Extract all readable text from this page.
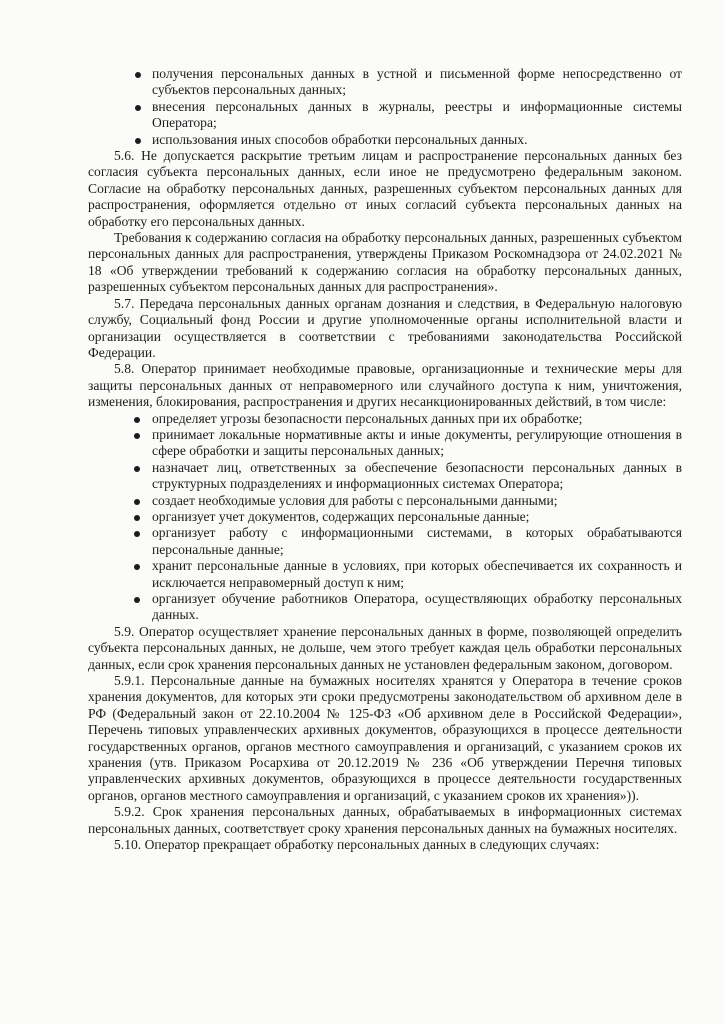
получения персональных данных в устной и письменной форме непосредственно от субъектов персональных данных;
внесения персональных данных в журналы, реестры и информационные системы Оператора;
использования иных способов обработки персональных данных.

5.6. Не допускается раскрытие третьим лицам и распространение персональных данных без согласия субъекта персональных данных, если иное не предусмотрено федеральным законом. Согласие на обработку персональных данных, разрешенных субъектом персональных данных для распространения, оформляется отдельно от иных согласий субъекта персональных данных на обработку его персональных данных.

Требования к содержанию согласия на обработку персональных данных, разрешенных субъектом персональных данных для распространения, утверждены Приказом Роскомнадзора от 24.02.2021 № 18 «Об утверждении требований к содержанию согласия на обработку персональных данных, разрешенных субъектом персональных данных для распространения».

5.7. Передача персональных данных органам дознания и следствия, в Федеральную налоговую службу, Социальный фонд России и другие уполномоченные органы исполнительной власти и организации осуществляется в соответствии с требованиями законодательства Российской Федерации.

5.8. Оператор принимает необходимые правовые, организационные и технические меры для защиты персональных данных от неправомерного или случайного доступа к ним, уничтожения, изменения, блокирования, распространения и других несанкционированных действий, в том числе:

определяет угрозы безопасности персональных данных при их обработке;
принимает локальные нормативные акты и иные документы, регулирующие отношения в сфере обработки и защиты персональных данных;
назначает лиц, ответственных за обеспечение безопасности персональных данных в структурных подразделениях и информационных системах Оператора;
создает необходимые условия для работы с персональными данными;
организует учет документов, содержащих персональные данные;
организует работу с информационными системами, в которых обрабатываются персональные данные;
хранит персональные данные в условиях, при которых обеспечивается их сохранность и исключается неправомерный доступ к ним;
организует обучение работников Оператора, осуществляющих обработку персональных данных.

5.9. Оператор осуществляет хранение персональных данных в форме, позволяющей определить субъекта персональных данных, не дольше, чем этого требует каждая цель обработки персональных данных, если срок хранения персональных данных не установлен федеральным законом, договором.

5.9.1. Персональные данные на бумажных носителях хранятся у Оператора в течение сроков хранения документов, для которых эти сроки предусмотрены законодательством об архивном деле в РФ (Федеральный закон от 22.10.2004 № 125-ФЗ «Об архивном деле в Российской Федерации», Перечень типовых управленческих архивных документов, образующихся в процессе деятельности государственных органов, органов местного самоуправления и организаций, с указанием сроков их хранения (утв. Приказом Росархива от 20.12.2019 № 236 «Об утверждении Перечня типовых управленческих архивных документов, образующихся в процессе деятельности государственных органов, органов местного самоуправления и организаций, с указанием сроков их хранения»)).

5.9.2. Срок хранения персональных данных, обрабатываемых в информационных системах персональных данных, соответствует сроку хранения персональных данных на бумажных носителях.

5.10. Оператор прекращает обработку персональных данных в следующих случаях:
